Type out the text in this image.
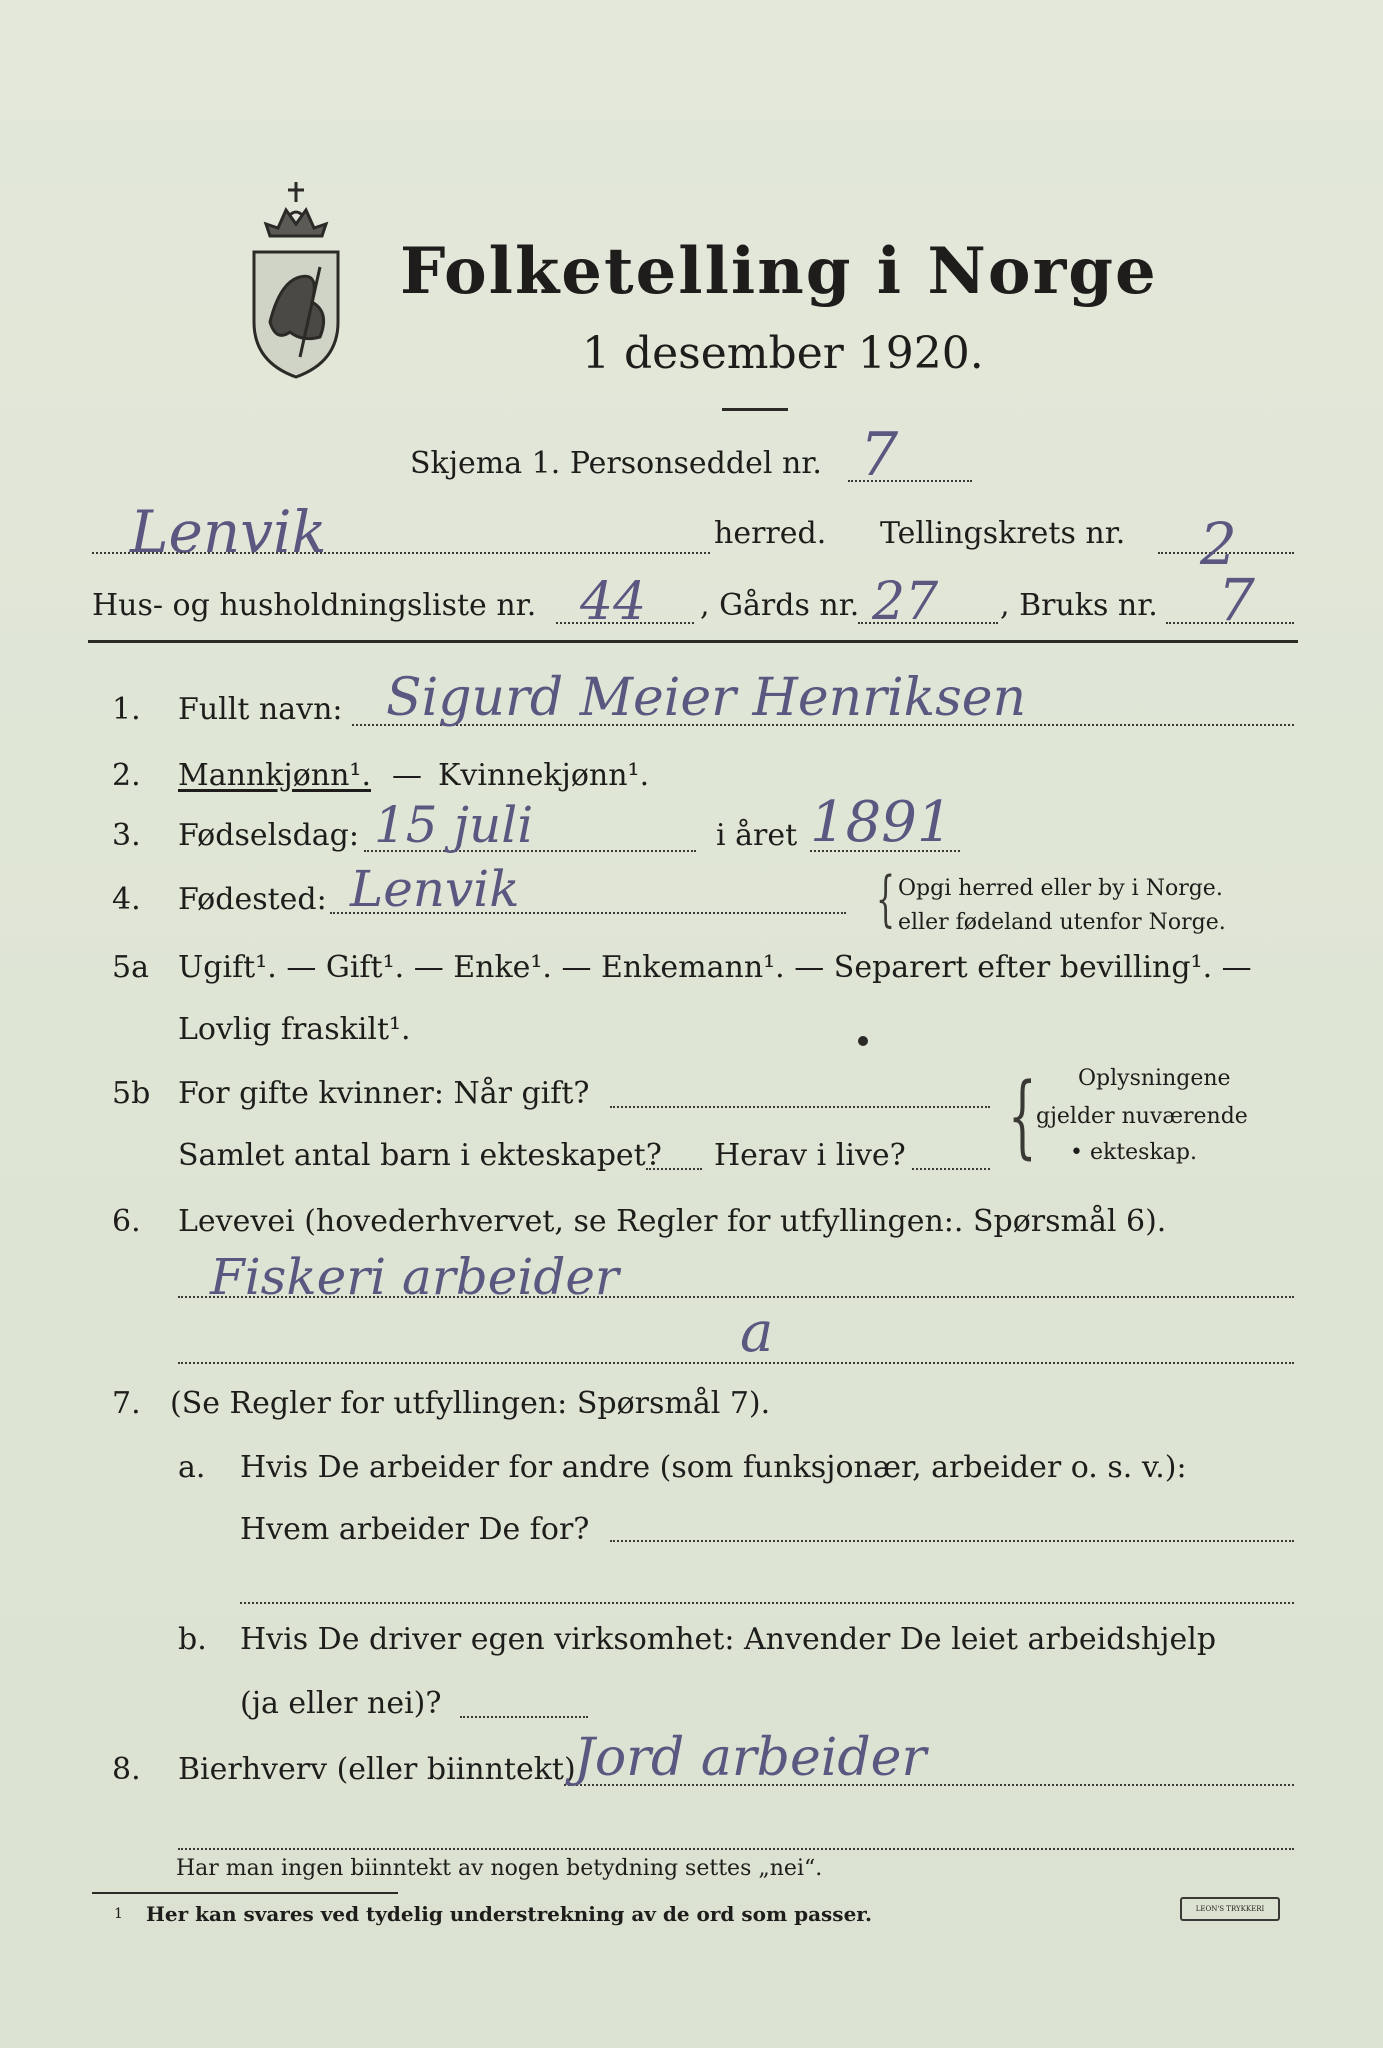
Folketelling i Norge
1 desember 1920.
Skjema 1. Personseddel nr. 7
Lenvik	herred. Tellingskrets nr. 2
Hus- og husholdningsliste nr. 44 , Gårds nr. 27 , Bruks nr. 7
1. Fullt navn: Sigurd Meier Henriksen
2. Mannkjønn¹. — Kvinnekjønn¹.
3. Fødselsdag: 15 juli	i året 1891
4. Fødested: Lenvik	{ Opgi herred eller by i Norge.
eller fødeland utenfor Norge.
5a Ugift¹. — Gift¹. — Enke¹. — Enkemann¹. — Separert efter bevilling¹. —
Lovlig fraskilt¹.
5b For gifte kvinner: Når gift?
Samlet antal barn i ekteskapet? Herav i live? { Oplysningene
gjelder nuværende
• ekteskap.
6. Levevei (hovederhvervet, se Regler for utfyllingen:. Spørsmål 6).
Fiskeri arbeider
a
7. (Se Regler for utfyllingen: Spørsmål 7).
a. Hvis De arbeider for andre (som funksjonær, arbeider o. s. v.):
Hvem arbeider De for?
b. Hvis De driver egen virksomhet: Anvender De leiet arbeidshjelp
(ja eller nei)?
8. Bierhverv (eller biinntekt)
Jord arbeider
Har man ingen biinntekt av nogen betydning settes „nei“.
1 Her kan svares ved tydelig understrekning av de ord som passer.	LEON'S TRYKKERI
